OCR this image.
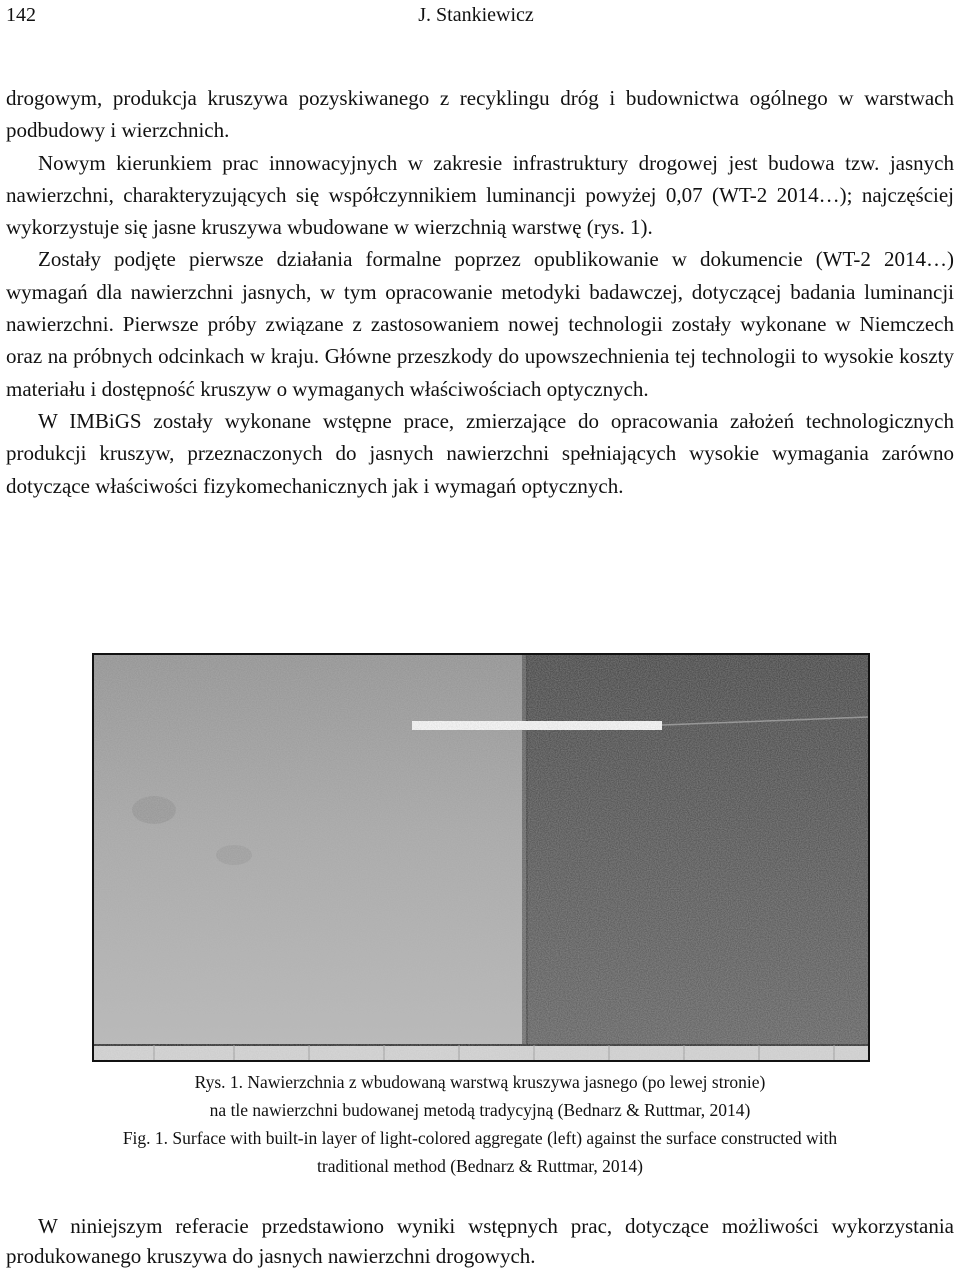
142	J. Stankiewicz

drogowym, produkcja kruszywa pozyskiwanego z recyklingu dróg i budownictwa ogólnego w warstwach podbudowy i wierzchnich.

Nowym kierunkiem prac innowacyjnych w zakresie infrastruktury drogowej jest budowa tzw. jasnych nawierzchni, charakteryzujących się współczynnikiem luminancji powyżej 0,07 (WT-2 2014…); najczęściej wykorzystuje się jasne kruszywa wbudowane w wierzchnią warstwę (rys. 1).

Zostały podjęte pierwsze działania formalne poprzez opublikowanie w dokumencie (WT-2 2014…) wymagań dla nawierzchni jasnych, w tym opracowanie metodyki badawczej, dotyczącej badania luminancji nawierzchni. Pierwsze próby związane z zastosowaniem nowej technologii zostały wykonane w Niemczech oraz na próbnych odcinkach w kraju. Główne przeszkody do upowszechnienia tej technologii to wysokie koszty materiału i dostępność kruszyw o wymaganych właściwościach optycznych.

W IMBiGS zostały wykonane wstępne prace, zmierzające do opracowania założeń technologicznych produkcji kruszyw, przeznaczonych do jasnych nawierzchni spełniających wysokie wymagania zarówno dotyczące właściwości fizykomechanicznych jak i wymagań optycznych.

Rys. 1. Nawierzchnia z wbudowaną warstwą kruszywa jasnego (po lewej stronie)

na tle nawierzchni budowanej metodą tradycyjną (Bednarz & Ruttmar, 2014)

Fig. 1. Surface with built-in layer of light-colored aggregate (left) against the surface constructed with

traditional method (Bednarz & Ruttmar, 2014)

W niniejszym referacie przedstawiono wyniki wstępnych prac, dotyczące możliwości wykorzystania produkowanego kruszywa do jasnych nawierzchni drogowych.
